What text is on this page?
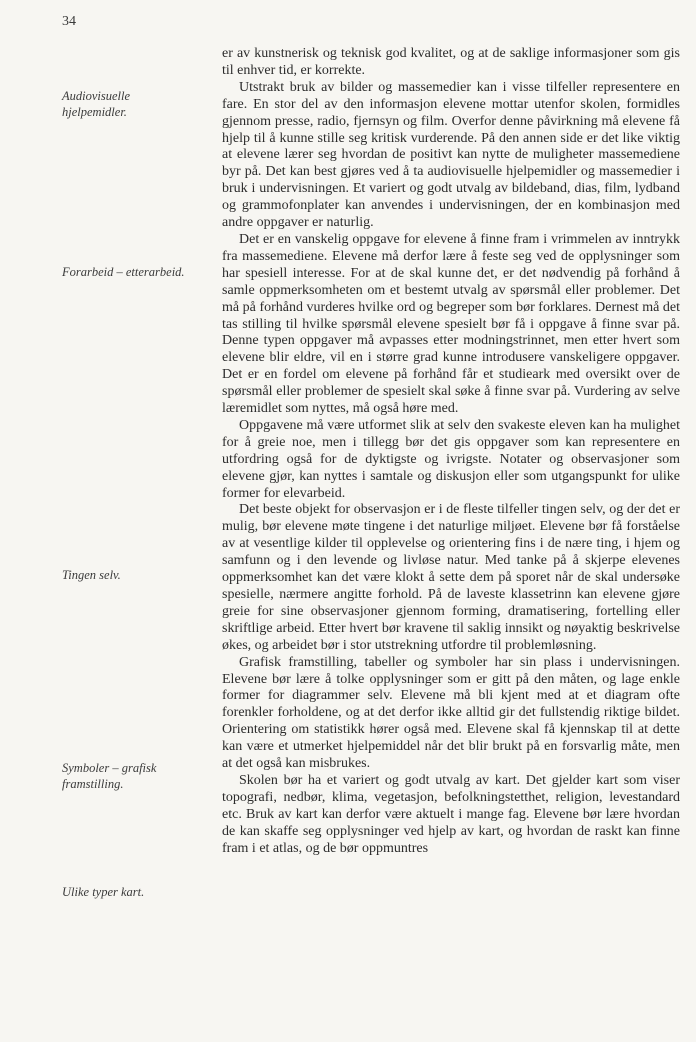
34
Audiovisuelle hjelpemidler.
Forarbeid – etterarbeid.
Tingen selv.
Symboler – grafisk framstilling.
Ulike typer kart.

er av kunstnerisk og teknisk god kvalitet, og at de saklige informasjoner som gis til enhver tid, er korrekte.

Utstrakt bruk av bilder og massemedier kan i visse tilfeller representere en fare. En stor del av den informasjon elevene mottar utenfor skolen, formidles gjennom presse, radio, fjernsyn og film. Overfor denne påvirkning må elevene få hjelp til å kunne stille seg kritisk vurderende. På den annen side er det like viktig at elevene lærer seg hvordan de positivt kan nytte de muligheter massemediene byr på. Det kan best gjøres ved å ta audiovisuelle hjelpemidler og massemedier i bruk i undervisningen. Et variert og godt utvalg av bildeband, dias, film, lydband og grammofonplater kan anvendes i undervisningen, der en kombinasjon med andre oppgaver er naturlig.

Det er en vanskelig oppgave for elevene å finne fram i vrimmelen av inntrykk fra massemediene. Elevene må derfor lære å feste seg ved de opplysninger som har spesiell interesse. For at de skal kunne det, er det nødvendig på forhånd å samle oppmerksomheten om et bestemt utvalg av spørsmål eller problemer. Det må på forhånd vurderes hvilke ord og begreper som bør forklares. Dernest må det tas stilling til hvilke spørsmål elevene spesielt bør få i oppgave å finne svar på. Denne typen oppgaver må avpasses etter modningstrinnet, men etter hvert som elevene blir eldre, vil en i større grad kunne introdusere vanskeligere oppgaver. Det er en fordel om elevene på forhånd får et studieark med oversikt over de spørsmål eller problemer de spesielt skal søke å finne svar på. Vurdering av selve læremidlet som nyttes, må også høre med.

Oppgavene må være utformet slik at selv den svakeste eleven kan ha mulighet for å greie noe, men i tillegg bør det gis oppgaver som kan representere en utfordring også for de dyktigste og ivrigste. Notater og observasjoner som elevene gjør, kan nyttes i samtale og diskusjon eller som utgangspunkt for ulike former for elevarbeid.

Det beste objekt for observasjon er i de fleste tilfeller tingen selv, og der det er mulig, bør elevene møte tingene i det naturlige miljøet. Elevene bør få forståelse av at vesentlige kilder til opplevelse og orientering fins i de nære ting, i hjem og samfunn og i den levende og livløse natur. Med tanke på å skjerpe elevenes oppmerksomhet kan det være klokt å sette dem på sporet når de skal undersøke spesielle, nærmere angitte forhold. På de laveste klassetrinn kan elevene gjøre greie for sine observasjoner gjennom forming, dramatisering, fortelling eller skriftlige arbeid. Etter hvert bør kravene til saklig innsikt og nøyaktig beskrivelse økes, og arbeidet bør i stor utstrekning utfordre til problemløsning.

Grafisk framstilling, tabeller og symboler har sin plass i undervisningen. Elevene bør lære å tolke opplysninger som er gitt på den måten, og lage enkle former for diagrammer selv. Elevene må bli kjent med at et diagram ofte forenkler forholdene, og at det derfor ikke alltid gir det fullstendig riktige bildet. Orientering om statistikk hører også med. Elevene skal få kjennskap til at dette kan være et utmerket hjelpemiddel når det blir brukt på en forsvarlig måte, men at det også kan misbrukes.

Skolen bør ha et variert og godt utvalg av kart. Det gjelder kart som viser topografi, nedbør, klima, vegetasjon, befolkningstetthet, religion, levestandard etc. Bruk av kart kan derfor være aktuelt i mange fag. Elevene bør lære hvordan de kan skaffe seg opplysninger ved hjelp av kart, og hvordan de raskt kan finne fram i et atlas, og de bør oppmuntres
